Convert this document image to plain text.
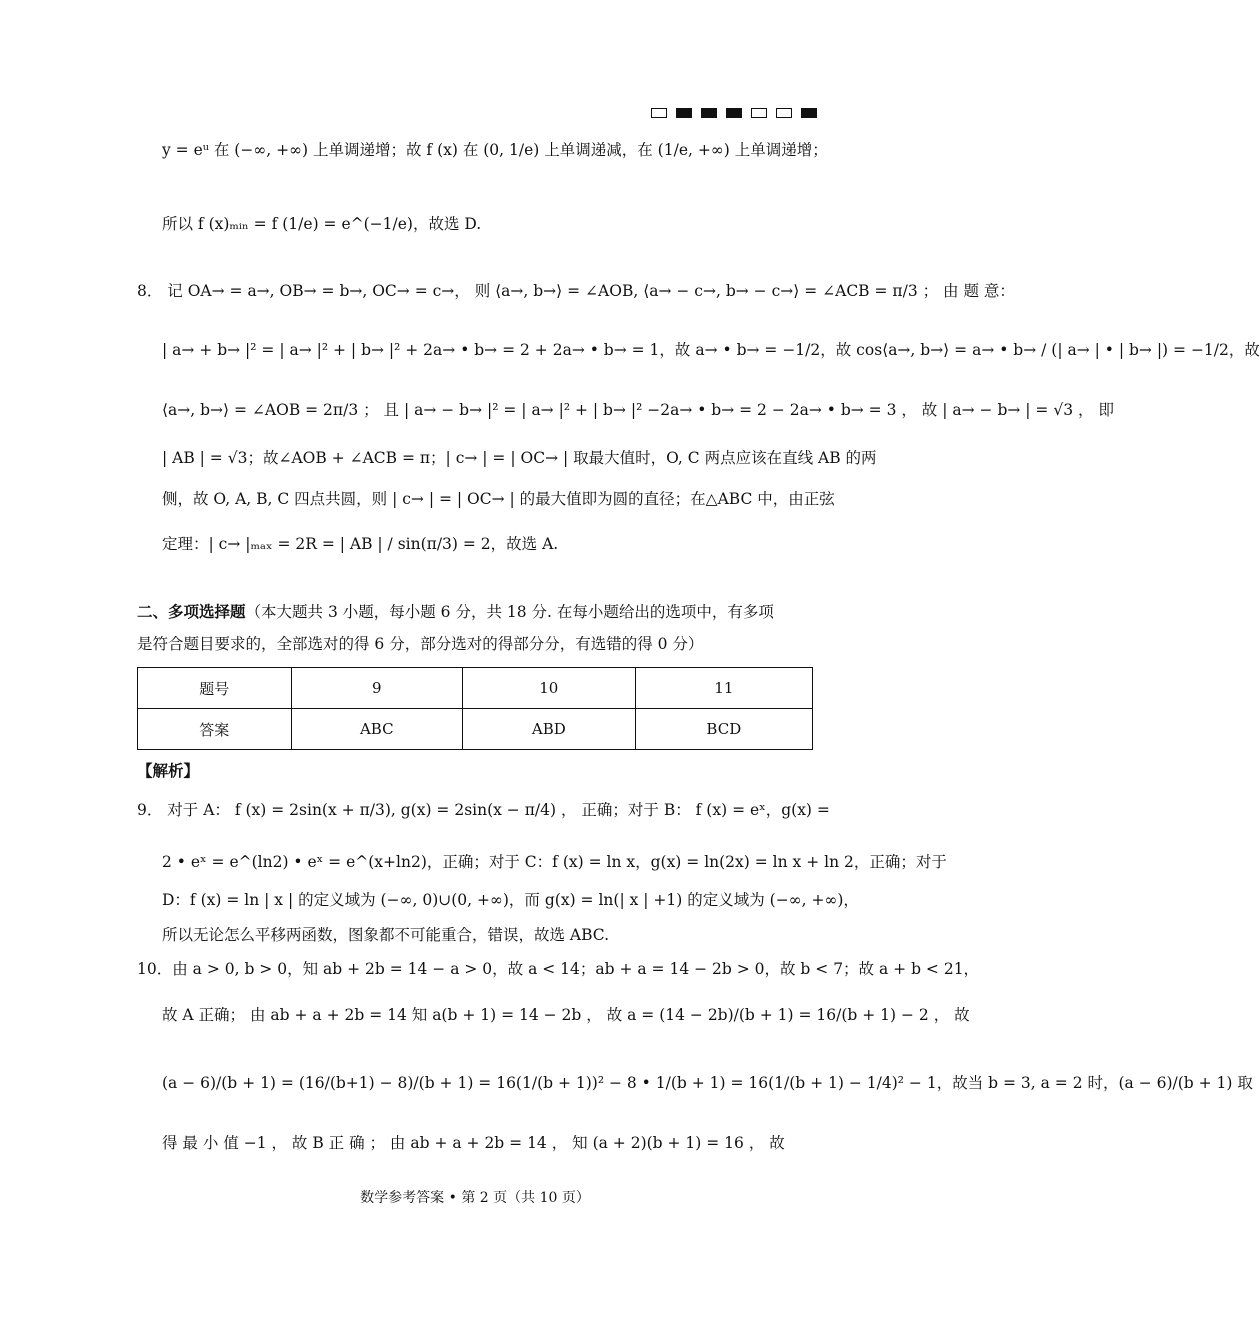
y = eᵘ 在 (−∞, +∞) 上单调递增；故 f (x) 在 (0, 1/e) 上单调递减，在 (1/e, +∞) 上单调递增；
所以 f (x)ₘᵢₙ = f (1/e) = e^(−1/e)，故选 D.
8． 记 OA→ = a→, OB→ = b→, OC→ = c→， 则 ⟨a→, b→⟩ = ∠AOB, ⟨a→ − c→, b→ − c→⟩ = ∠ACB = π/3 ； 由 题 意：
| a→ + b→ |² = | a→ |² + | b→ |² + 2a→ • b→ = 2 + 2a→ • b→ = 1，故 a→ • b→ = −1/2，故 cos⟨a→, b→⟩ = a→ • b→ / (| a→ | • | b→ |) = −1/2，故
⟨a→, b→⟩ = ∠AOB = 2π/3 ； 且 | a→ − b→ |² = | a→ |² + | b→ |² −2a→ • b→ = 2 − 2a→ • b→ = 3 ， 故 | a→ − b→ | = √3 ， 即
| AB | = √3；故∠AOB + ∠ACB = π；| c→ | = | OC→ | 取最大值时，O, C 两点应该在直线 AB 的两
侧，故 O, A, B, C 四点共圆，则 | c→ | = | OC→ | 的最大值即为圆的直径；在△ABC 中，由正弦
定理：| c→ |ₘₐₓ = 2R = | AB | / sin(π/3) = 2，故选 A.
二、多项选择题（本大题共 3 小题，每小题 6 分，共 18 分. 在每小题给出的选项中，有多项
是符合题目要求的，全部选对的得 6 分，部分选对的得部分分，有选错的得 0 分）
题号	9	10	11
答案	ABC	ABD	BCD
【解析】
9． 对于 A： f (x) = 2sin(x + π/3), g(x) = 2sin(x − π/4) ， 正确；对于 B： f (x) = eˣ，g(x) =
2 • eˣ = e^(ln2) • eˣ = e^(x+ln2)，正确；对于 C：f (x) = ln x，g(x) = ln(2x) = ln x + ln 2，正确；对于
D：f (x) = ln | x | 的定义域为 (−∞, 0)∪(0, +∞)，而 g(x) = ln(| x | +1) 的定义域为 (−∞, +∞)，
所以无论怎么平移两函数，图象都不可能重合，错误，故选 ABC.
10．由 a > 0, b > 0，知 ab + 2b = 14 − a > 0，故 a < 14；ab + a = 14 − 2b > 0，故 b < 7；故 a + b < 21，
故 A 正确； 由 ab + a + 2b = 14 知 a(b + 1) = 14 − 2b ， 故 a = (14 − 2b)/(b + 1) = 16/(b + 1) − 2 ， 故
(a − 6)/(b + 1) = (16/(b+1) − 8)/(b + 1) = 16(1/(b + 1))² − 8 • 1/(b + 1) = 16(1/(b + 1) − 1/4)² − 1，故当 b = 3, a = 2 时，(a − 6)/(b + 1) 取
得 最 小 值 −1 ， 故 B 正 确 ； 由 ab + a + 2b = 14 ， 知 (a + 2)(b + 1) = 16 ， 故
数学参考答案 • 第 2 页（共 10 页）
